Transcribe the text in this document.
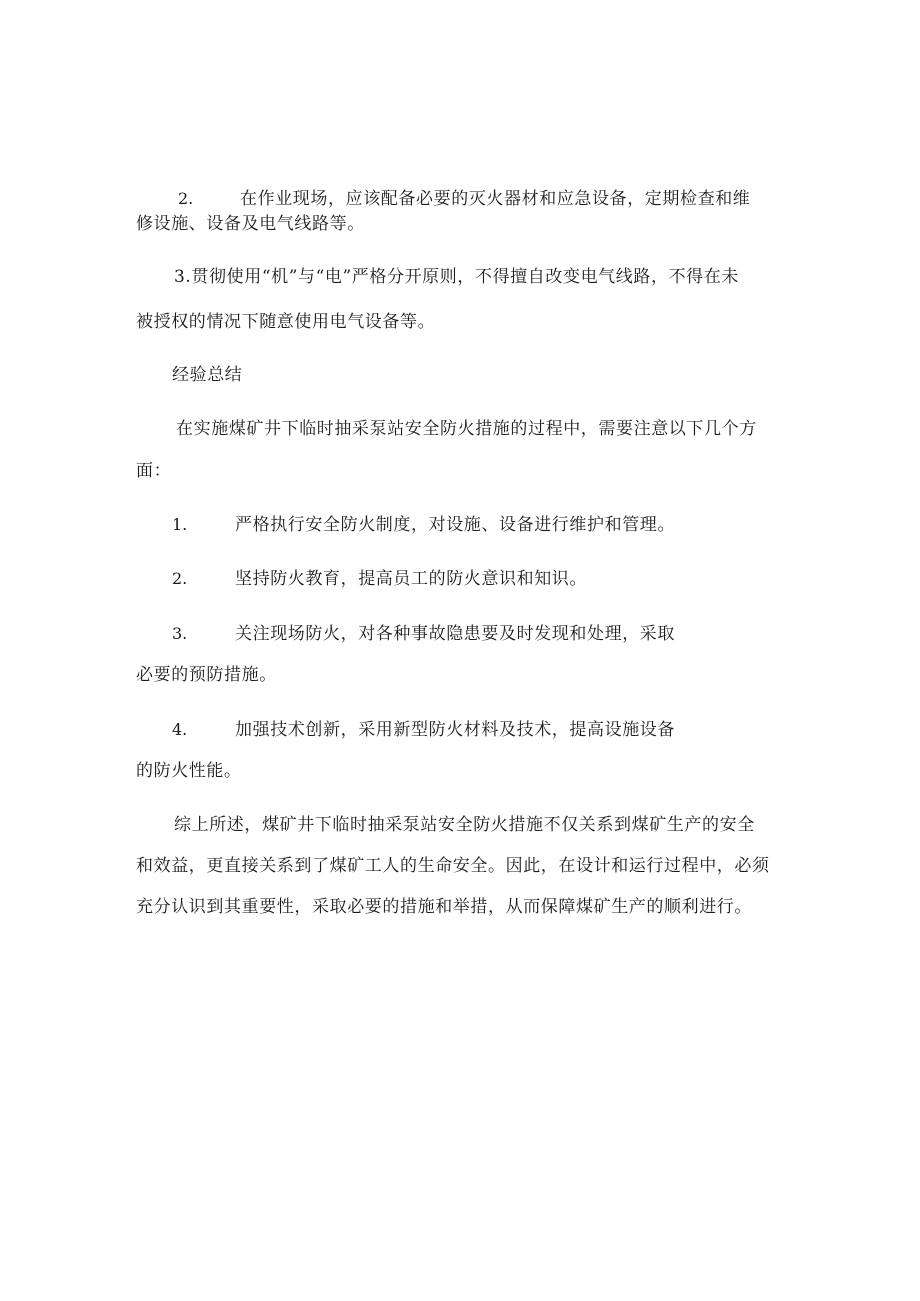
2.	在作业现场，应该配备必要的灭火器材和应急设备，定期检查和维
修设施、设备及电气线路等。
3.贯彻使用“机”与“电”严格分开原则，不得擅自改变电气线路，不得在未
被授权的情况下随意使用电气设备等。
经验总结
在实施煤矿井下临时抽采泵站安全防火措施的过程中，需要注意以下几个方
面：
1.	严格执行安全防火制度，对设施、设备进行维护和管理。
2.	坚持防火教育，提高员工的防火意识和知识。
3.	关注现场防火，对各种事故隐患要及时发现和处理，采取
必要的预防措施。
4.	加强技术创新，采用新型防火材料及技术，提高设施设备
的防火性能。
综上所述，煤矿井下临时抽采泵站安全防火措施不仅关系到煤矿生产的安全
和效益，更直接关系到了煤矿工人的生命安全。因此，在设计和运行过程中，必须
充分认识到其重要性，采取必要的措施和举措，从而保障煤矿生产的顺利进行。
